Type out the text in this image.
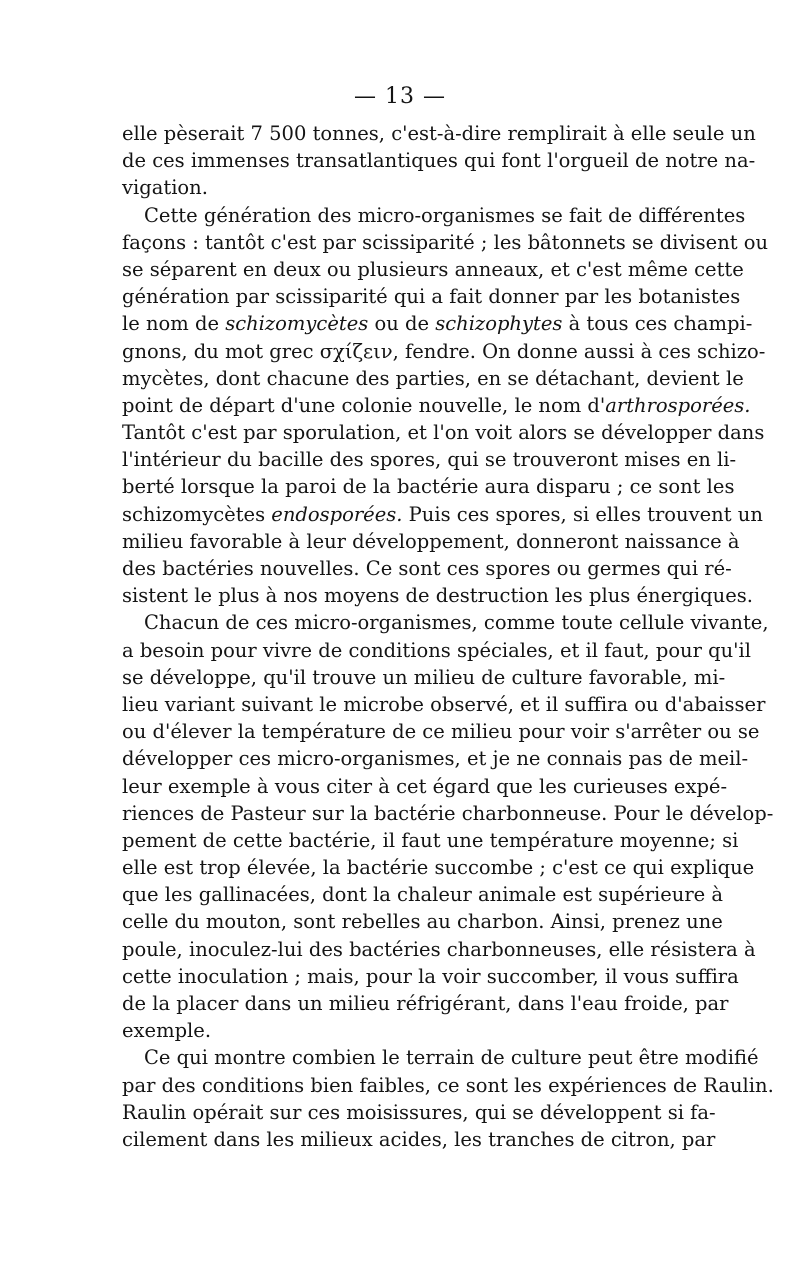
— 13 —
elle pèserait 7 500 tonnes, c'est-à-dire remplirait à elle seule un
de ces immenses transatlantiques qui font l'orgueil de notre na-
vigation.
Cette génération des micro-organismes se fait de différentes
façons : tantôt c'est par scissiparité ; les bâtonnets se divisent ou
se séparent en deux ou plusieurs anneaux, et c'est même cette
génération par scissiparité qui a fait donner par les botanistes
le nom de schizomycètes ou de schizophytes à tous ces champi-
gnons, du mot grec σχίζειν, fendre. On donne aussi à ces schizo-
mycètes, dont chacune des parties, en se détachant, devient le
point de départ d'une colonie nouvelle, le nom d'arthrosporées.
Tantôt c'est par sporulation, et l'on voit alors se développer dans
l'intérieur du bacille des spores, qui se trouveront mises en li-
berté lorsque la paroi de la bactérie aura disparu ; ce sont les
schizomycètes endosporées. Puis ces spores, si elles trouvent un
milieu favorable à leur développement, donneront naissance à
des bactéries nouvelles. Ce sont ces spores ou germes qui ré-
sistent le plus à nos moyens de destruction les plus énergiques.
Chacun de ces micro-organismes, comme toute cellule vivante,
a besoin pour vivre de conditions spéciales, et il faut, pour qu'il
se développe, qu'il trouve un milieu de culture favorable, mi-
lieu variant suivant le microbe observé, et il suffira ou d'abaisser
ou d'élever la température de ce milieu pour voir s'arrêter ou se
développer ces micro-organismes, et je ne connais pas de meil-
leur exemple à vous citer à cet égard que les curieuses expé-
riences de Pasteur sur la bactérie charbonneuse. Pour le dévelop-
pement de cette bactérie, il faut une température moyenne; si
elle est trop élevée, la bactérie succombe ; c'est ce qui explique
que les gallinacées, dont la chaleur animale est supérieure à
celle du mouton, sont rebelles au charbon. Ainsi, prenez une
poule, inoculez-lui des bactéries charbonneuses, elle résistera à
cette inoculation ; mais, pour la voir succomber, il vous suffira
de la placer dans un milieu réfrigérant, dans l'eau froide, par
exemple.
Ce qui montre combien le terrain de culture peut être modifié
par des conditions bien faibles, ce sont les expériences de Raulin.
Raulin opérait sur ces moisissures, qui se développent si fa-
cilement dans les milieux acides, les tranches de citron, par
